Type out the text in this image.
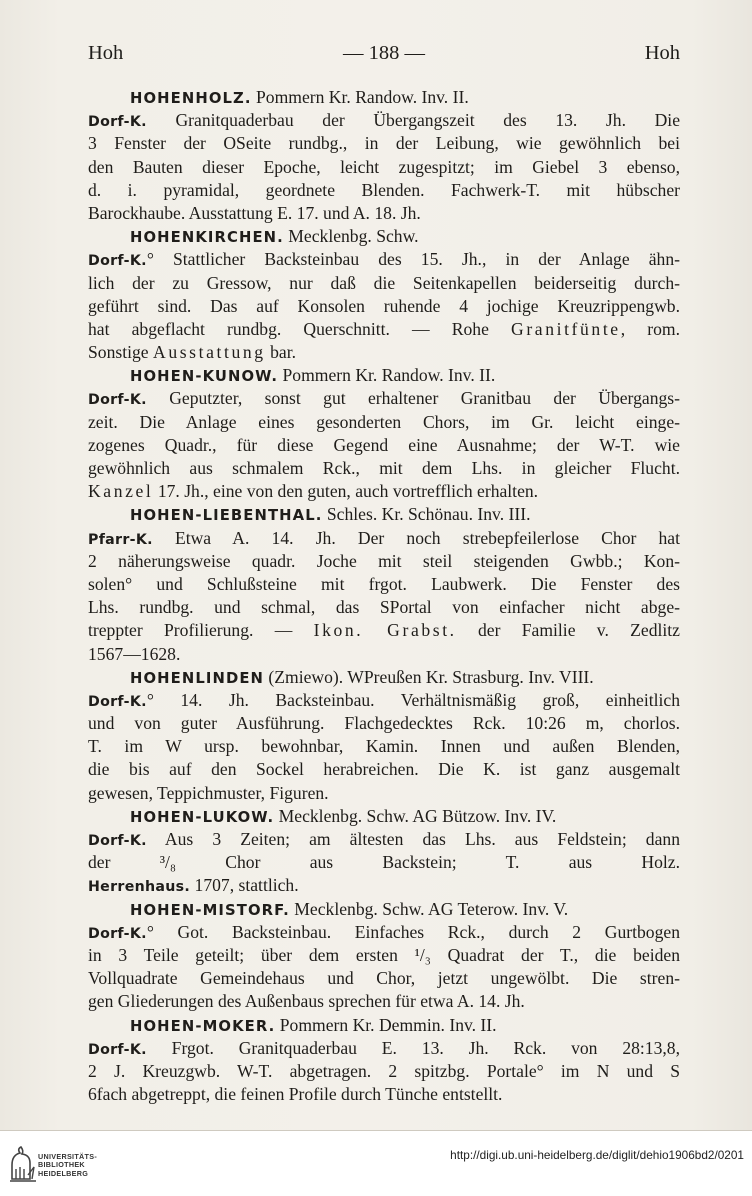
Hoh	— 188 —	Hoh
HOHENHOLZ. Pommern Kr. Randow. Inv. II.
Dorf-K. Granitquaderbau der Übergangszeit des 13. Jh. Die
3 Fenster der OSeite rundbg., in der Leibung, wie gewöhnlich bei
den Bauten dieser Epoche, leicht zugespitzt; im Giebel 3 ebenso,
d. i. pyramidal, geordnete Blenden. Fachwerk-T. mit hübscher
Barockhaube. Ausstattung E. 17. und A. 18. Jh.
HOHENKIRCHEN. Mecklenbg. Schw.
Dorf-K.° Stattlicher Backsteinbau des 15. Jh., in der Anlage ähn-
lich der zu Gressow, nur daß die Seitenkapellen beiderseitig durch-
geführt sind. Das auf Konsolen ruhende 4 jochige Kreuzrippengwb.
hat abgeflacht rundbg. Querschnitt. — Rohe Granitfünte, rom.
Sonstige Ausstattung bar.
HOHEN-KUNOW. Pommern Kr. Randow. Inv. II.
Dorf-K. Geputzter, sonst gut erhaltener Granitbau der Übergangs-
zeit. Die Anlage eines gesonderten Chors, im Gr. leicht einge-
zogenes Quadr., für diese Gegend eine Ausnahme; der W-T. wie
gewöhnlich aus schmalem Rck., mit dem Lhs. in gleicher Flucht.
Kanzel 17. Jh., eine von den guten, auch vortrefflich erhalten.
HOHEN-LIEBENTHAL. Schles. Kr. Schönau. Inv. III.
Pfarr-K. Etwa A. 14. Jh. Der noch strebepfeilerlose Chor hat
2 näherungsweise quadr. Joche mit steil steigenden Gwbb.; Kon-
solen° und Schlußsteine mit frgot. Laubwerk. Die Fenster des
Lhs. rundbg. und schmal, das SPortal von einfacher nicht abge-
treppter Profilierung. — Ikon. Grabst. der Familie v. Zedlitz
1567—1628.
HOHENLINDEN (Zmiewo). WPreußen Kr. Strasburg. Inv. VIII.
Dorf-K.° 14. Jh. Backsteinbau. Verhältnismäßig groß, einheitlich
und von guter Ausführung. Flachgedecktes Rck. 10:26 m, chorlos.
T. im W ursp. bewohnbar, Kamin. Innen und außen Blenden,
die bis auf den Sockel herabreichen. Die K. ist ganz ausgemalt
gewesen, Teppichmuster, Figuren.
HOHEN-LUKOW. Mecklenbg. Schw. AG Bützow. Inv. IV.
Dorf-K. Aus 3 Zeiten; am ältesten das Lhs. aus Feldstein; dann
der ³/₈ Chor aus Backstein; T. aus Holz.
Herrenhaus. 1707, stattlich.
HOHEN-MISTORF. Mecklenbg. Schw. AG Teterow. Inv. V.
Dorf-K.° Got. Backsteinbau. Einfaches Rck., durch 2 Gurtbogen
in 3 Teile geteilt; über dem ersten ¹/₃ Quadrat der T., die beiden
Vollquadrate Gemeindehaus und Chor, jetzt ungewölbt. Die stren-
gen Gliederungen des Außenbaus sprechen für etwa A. 14. Jh.
HOHEN-MOKER. Pommern Kr. Demmin. Inv. II.
Dorf-K. Frgot. Granitquaderbau E. 13. Jh. Rck. von 28:13,8,
2 J. Kreuzgwb. W-T. abgetragen. 2 spitzbg. Portale° im N und S
6fach abgetreppt, die feinen Profile durch Tünche entstellt.
UNIVERSITÄTS-
BIBLIOTHEK
HEIDELBERG
http://digi.ub.uni-heidelberg.de/diglit/dehio1906bd2/0201
